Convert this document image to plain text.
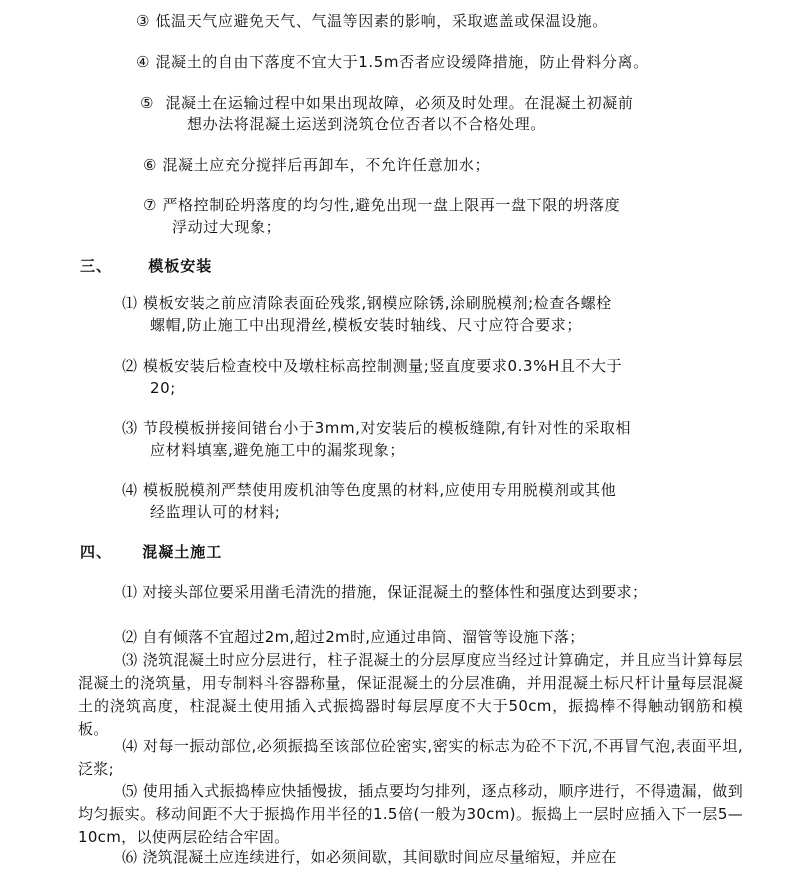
③ 低温天气应避免天气、气温等因素的影响，采取遮盖或保温设施。
④ 混凝土的自由下落度不宜大于1.5m否者应设缓降措施，防止骨料分离。
⑤ 混凝土在运输过程中如果出现故障，必须及时处理。在混凝土初凝前
想办法将混凝土运送到浇筑仓位否者以不合格处理。
⑥ 混凝土应充分搅拌后再卸车，不允许任意加水；
⑦ 严格控制砼坍落度的均匀性,避免出现一盘上限再一盘下限的坍落度
浮动过大现象；
三、 模板安装
⑴ 模板安装之前应清除表面砼残浆,钢模应除锈,涂刷脱模剂;检查各螺栓
螺帽,防止施工中出现滑丝,模板安装时轴线、尺寸应符合要求；
⑵ 模板安装后检查校中及墩柱标高控制测量;竖直度要求0.3%H且不大于
20;
⑶ 节段模板拼接间错台小于3mm,对安装后的模板缝隙,有针对性的采取相
应材料填塞,避免施工中的漏浆现象；
⑷ 模板脱模剂严禁使用废机油等色度黑的材料,应使用专用脱模剂或其他
经监理认可的材料;
四、 混凝土施工
⑴ 对接头部位要采用凿毛清洗的措施，保证混凝土的整体性和强度达到要求；
⑵ 自有倾落不宜超过2m,超过2m时,应通过串筒、溜管等设施下落；
⑶ 浇筑混凝土时应分层进行，柱子混凝土的分层厚度应当经过计算确定，并且应当计算每层混凝土的浇筑量，用专制料斗容器称量，保证混凝土的分层准确，并用混凝土标尺杆计量每层混凝土的浇筑高度，柱混凝土使用插入式振捣器时每层厚度不大于50cm，振捣棒不得触动钢筋和模板。
⑷ 对每一振动部位,必须振捣至该部位砼密实,密实的标志为砼不下沉,不再冒气泡,表面平坦,泛浆;
⑸ 使用插入式振捣棒应快插慢拔，插点要均匀排列，逐点移动，顺序进行，不得遗漏，做到均匀振实。移动间距不大于振捣作用半径的1.5倍(一般为30cm)。振捣上一层时应插入下一层5—10cm，以使两层砼结合牢固。
⑹ 浇筑混凝土应连续进行，如必须间歇，其间歇时间应尽量缩短，并应在
